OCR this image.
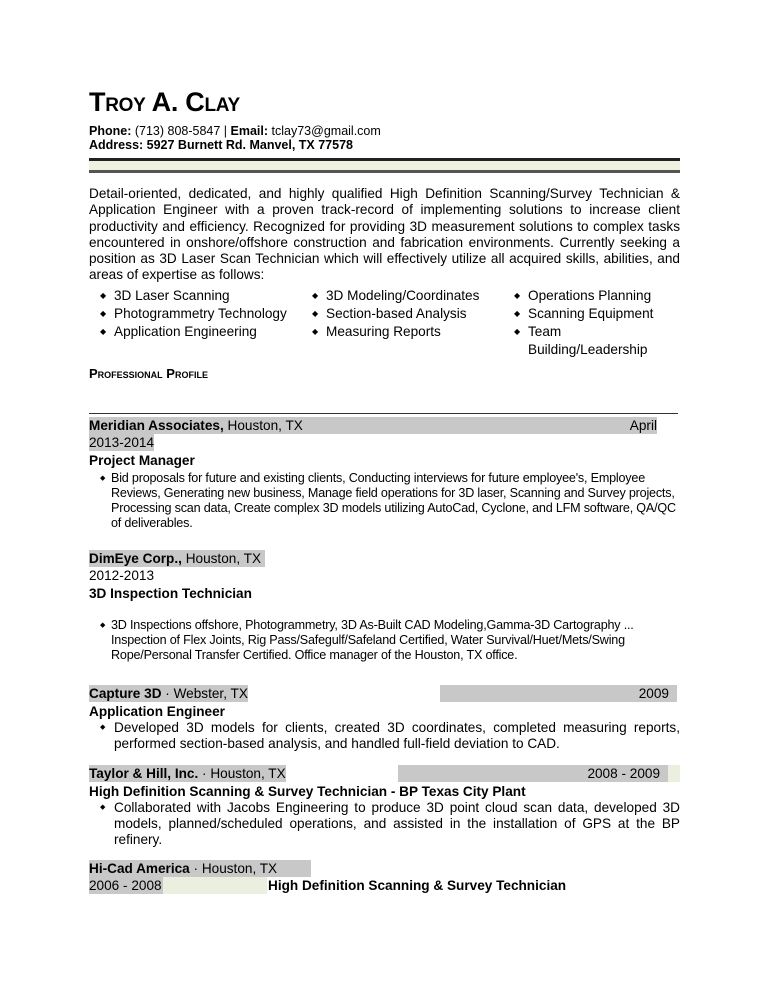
Troy A. Clay
Phone: (713) 808-5847 | Email: tclay73@gmail.com
Address: 5927 Burnett Rd. Manvel, TX 77578
Detail-oriented, dedicated, and highly qualified High Definition Scanning/Survey Technician & Application Engineer with a proven track-record of implementing solutions to increase client productivity and efficiency. Recognized for providing 3D measurement solutions to complex tasks encountered in onshore/offshore construction and fabrication environments. Currently seeking a position as 3D Laser Scan Technician which will effectively utilize all acquired skills, abilities, and areas of expertise as follows:
◆ 3D Laser Scanning
◆ Photogrammetry Technology
◆ Application Engineering
◆ 3D Modeling/Coordinates
◆ Section-based Analysis
◆ Measuring Reports
◆ Operations Planning
◆ Scanning Equipment
◆ Team Building/Leadership
Professional Profile
Meridian Associates, Houston, TX	April
2013-2014
Project Manager
◆ Bid proposals for future and existing clients, Conducting interviews for future employee's, Employee Reviews, Generating new business, Manage field operations for 3D laser, Scanning and Survey projects, Processing scan data, Create complex 3D models utilizing AutoCad, Cyclone, and LFM software, QA/QC of deliverables.
DimEye Corp., Houston, TX
2012-2013
3D Inspection Technician
◆ 3D Inspections offshore, Photogrammetry, 3D As-Built CAD Modeling,Gamma-3D Cartography ... Inspection of Flex Joints, Rig Pass/Safegulf/Safeland Certified, Water Survival/Huet/Mets/Swing Rope/Personal Transfer Certified. Office manager of the Houston, TX office.
Capture 3D · Webster, TX	2009
Application Engineer
◆ Developed 3D models for clients, created 3D coordinates, completed measuring reports, performed section-based analysis, and handled full-field deviation to CAD.
Taylor & Hill, Inc. · Houston, TX	2008 - 2009
High Definition Scanning & Survey Technician - BP Texas City Plant
◆ Collaborated with Jacobs Engineering to produce 3D point cloud scan data, developed 3D models, planned/scheduled operations, and assisted in the installation of GPS at the BP refinery.
Hi-Cad America · Houston, TX
2006 - 2008	High Definition Scanning & Survey Technician
